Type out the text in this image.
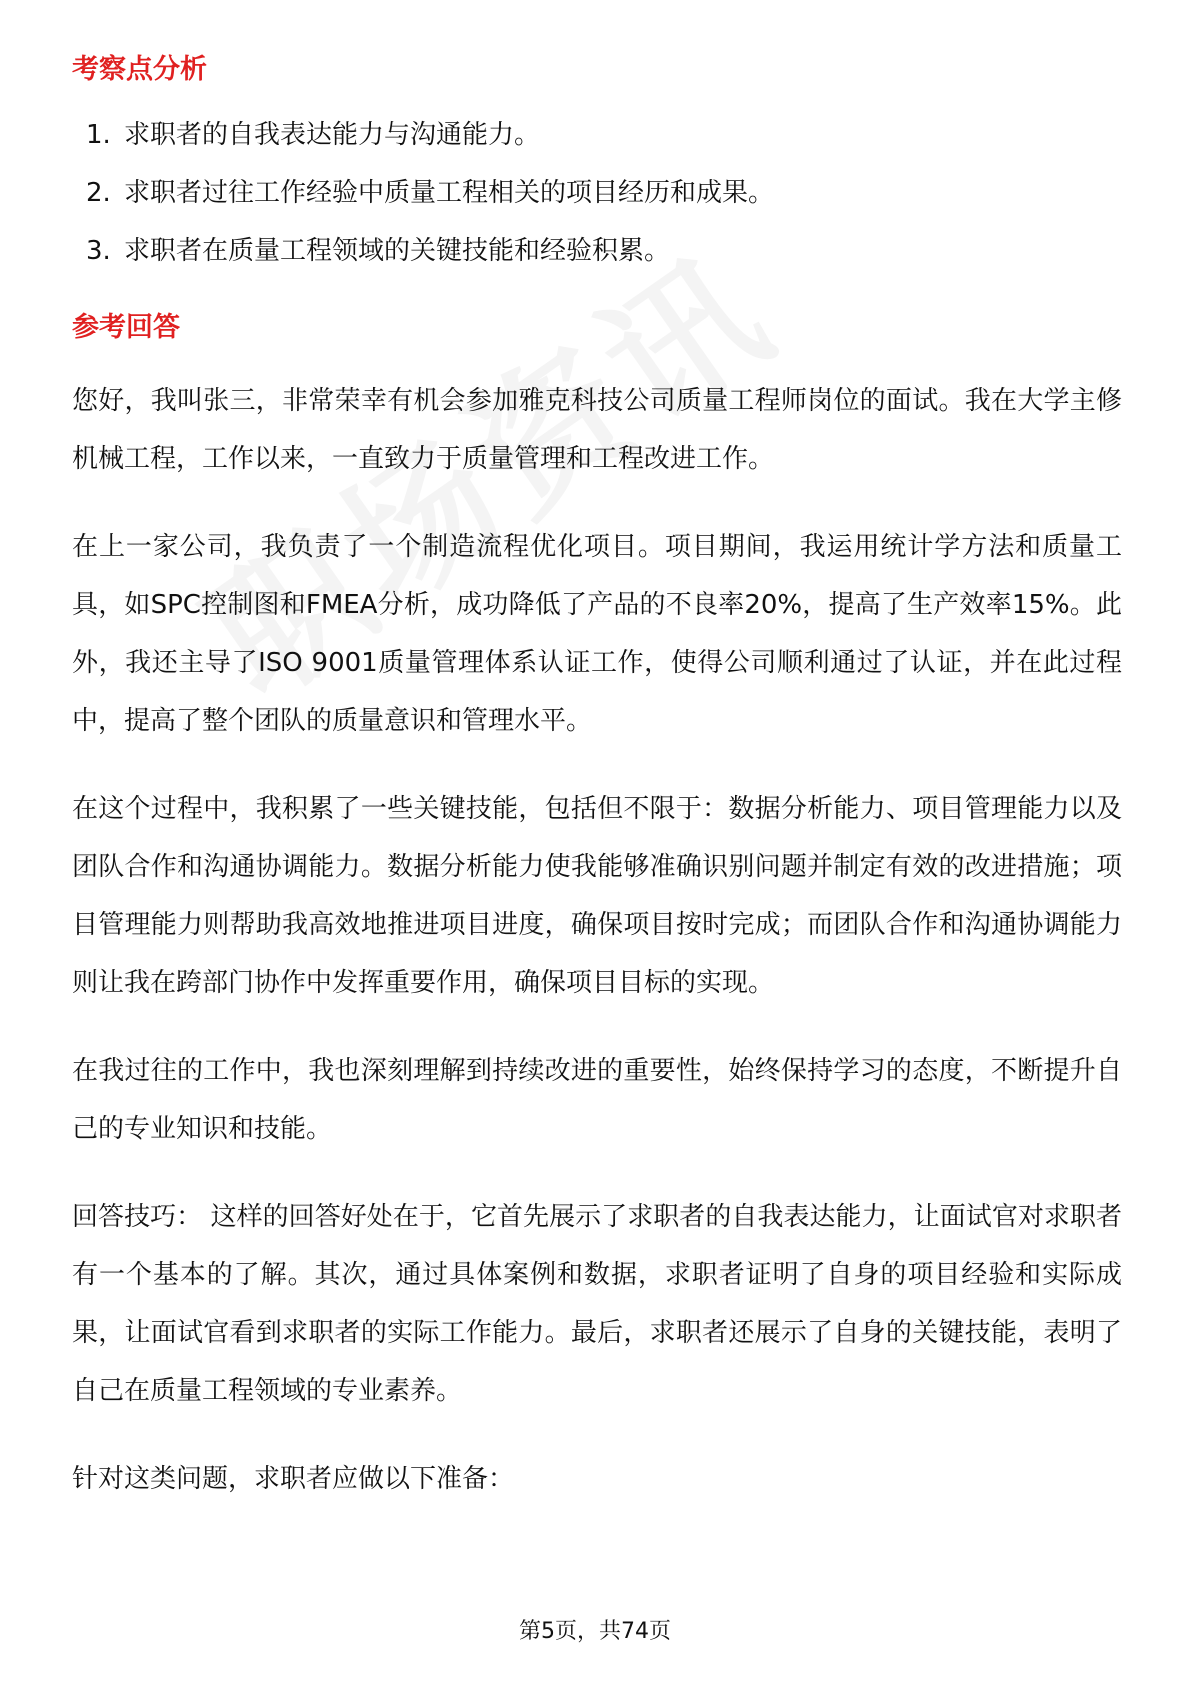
考察点分析
1. 求职者的自我表达能力与沟通能力。
2. 求职者过往工作经验中质量工程相关的项目经历和成果。
3. 求职者在质量工程领域的关键技能和经验积累。
参考回答

您好，我叫张三，非常荣幸有机会参加雅克科技公司质量工程师岗位的面试。我在大学主修机械工程，工作以来，一直致力于质量管理和工程改进工作。

在上一家公司，我负责了一个制造流程优化项目。项目期间，我运用统计学方法和质量工具，如SPC控制图和FMEA分析，成功降低了产品的不良率20%，提高了生产效率15%。此外，我还主导了ISO 9001质量管理体系认证工作，使得公司顺利通过了认证，并在此过程中，提高了整个团队的质量意识和管理水平。

在这个过程中，我积累了一些关键技能，包括但不限于：数据分析能力、项目管理能力以及团队合作和沟通协调能力。数据分析能力使我能够准确识别问题并制定有效的改进措施；项目管理能力则帮助我高效地推进项目进度，确保项目按时完成；而团队合作和沟通协调能力则让我在跨部门协作中发挥重要作用，确保项目目标的实现。

在我过往的工作中，我也深刻理解到持续改进的重要性，始终保持学习的态度，不断提升自己的专业知识和技能。

回答技巧： 这样的回答好处在于，它首先展示了求职者的自我表达能力，让面试官对求职者有一个基本的了解。其次，通过具体案例和数据，求职者证明了自身的项目经验和实际成果，让面试官看到求职者的实际工作能力。最后，求职者还展示了自身的关键技能，表明了自己在质量工程领域的专业素养。

针对这类问题，求职者应做以下准备：

第5页，共74页
